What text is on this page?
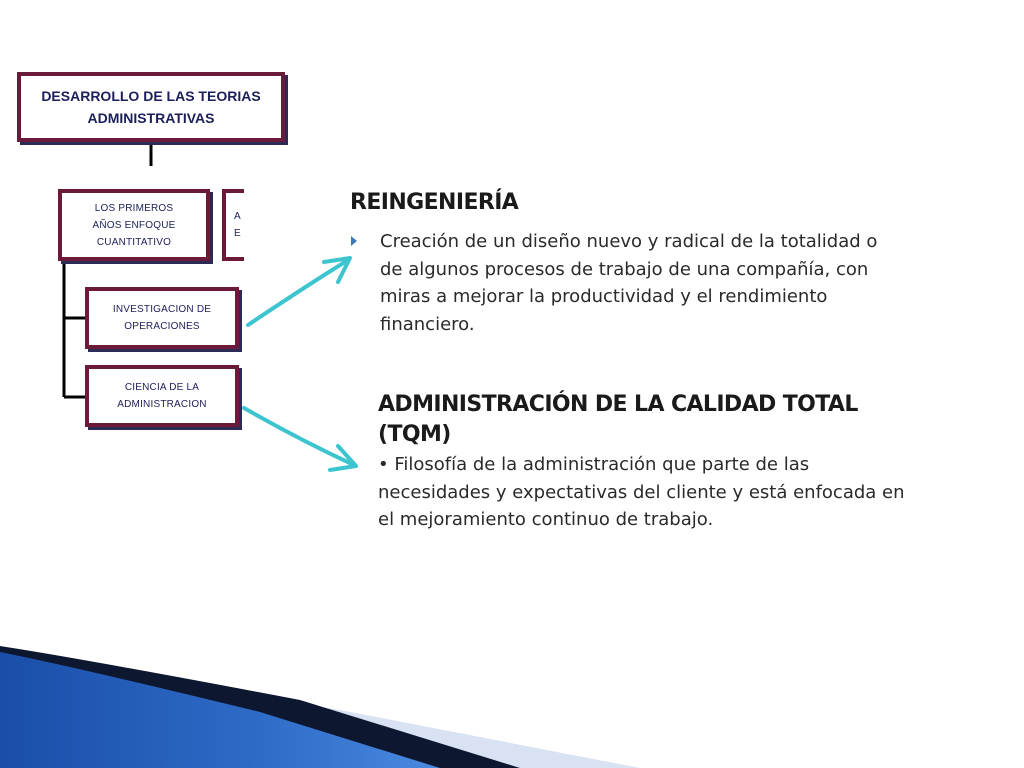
DESARROLLO DE LAS TEORIAS
ADMINISTRATIVAS
LOS PRIMEROS
AÑOS ENFOQUE
CUANTITATIVO
A
E
INVESTIGACION DE
OPERACIONES
CIENCIA DE LA
ADMINISTRACION
REINGENIERÍA

Creación de un diseño nuevo y radical de la totalidad o de algunos procesos de trabajo de una compañía, con miras a mejorar la productividad y el rendimiento financiero.

ADMINISTRACIÓN DE LA CALIDAD TOTAL (TQM)

• Filosofía de la administración que parte de las necesidades y expectativas del cliente y está enfocada en el mejoramiento continuo de trabajo.
